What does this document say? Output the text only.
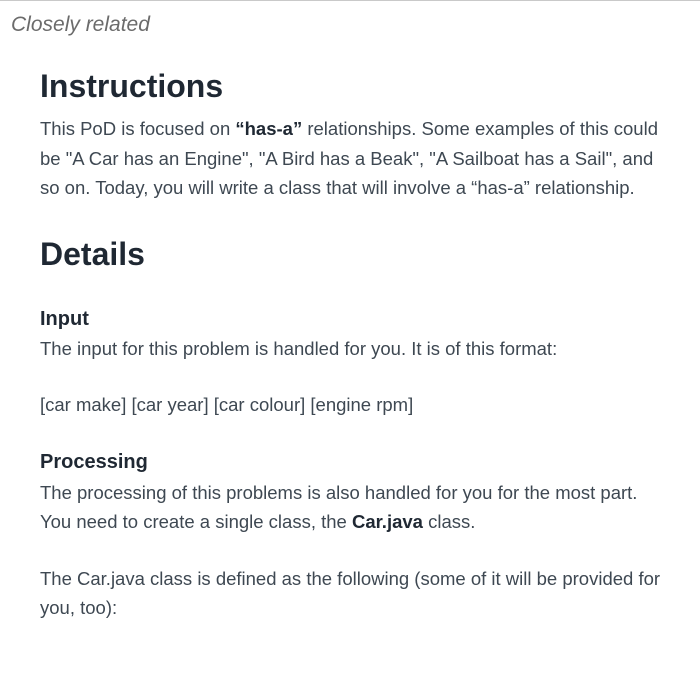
Closely related
Instructions

This PoD is focused on “has-a” relationships. Some examples of this could be "A Car has an Engine", "A Bird has a Beak", "A Sailboat has a Sail", and so on. Today, you will write a class that will involve a “has-a” relationship.

Details
Input

The input for this problem is handled for you. It is of this format:

[car make] [car year] [car colour] [engine rpm]

Processing

The processing of this problems is also handled for you for the most part. You need to create a single class, the Car.java class.

The Car.java class is defined as the following (some of it will be provided for you, too):
